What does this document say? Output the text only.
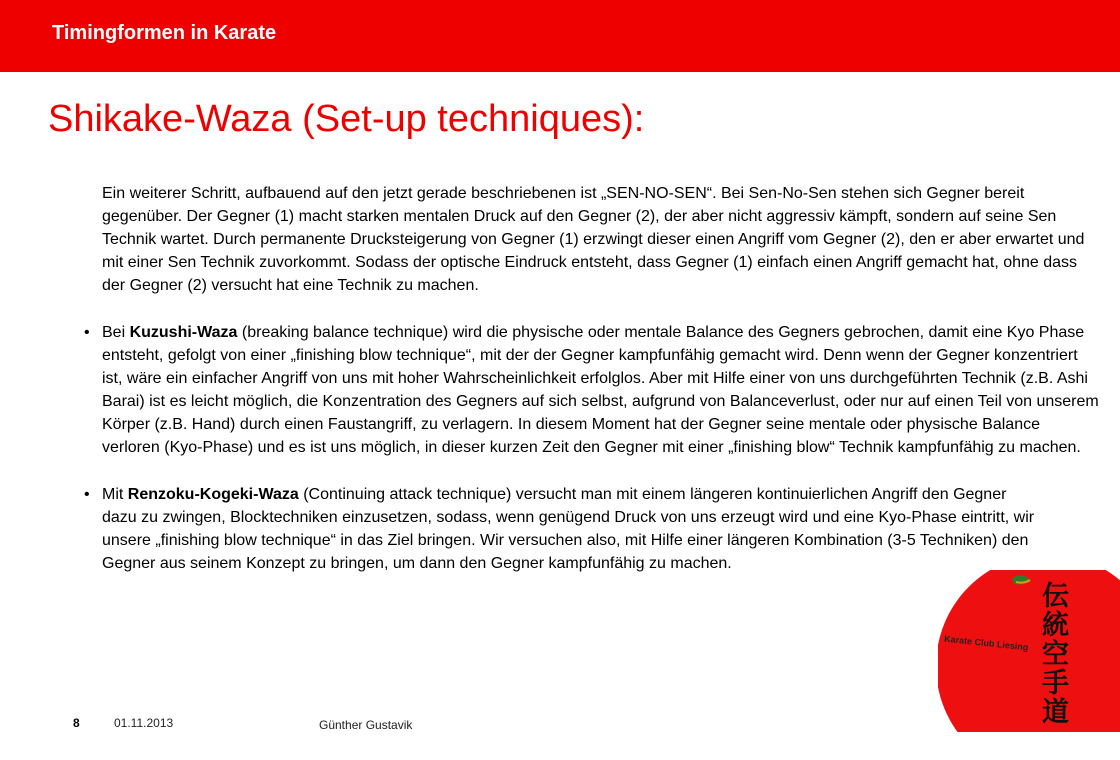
Timingformen in Karate
Shikake-Waza (Set-up techniques):

Ein weiterer Schritt, aufbauend auf den jetzt gerade beschriebenen ist „SEN-NO-SEN“. Bei Sen-No-Sen stehen sich Gegner bereit gegenüber. Der Gegner (1) macht starken mentalen Druck auf den Gegner (2), der aber nicht aggressiv kämpft, sondern auf seine Sen Technik wartet. Durch permanente Drucksteigerung von Gegner (1) erzwingt dieser einen Angriff vom Gegner (2), den er aber erwartet und mit einer Sen Technik zuvorkommt. Sodass der optische Eindruck entsteht, dass Gegner (1) einfach einen Angriff gemacht hat, ohne dass der Gegner (2) versucht hat eine Technik zu machen.

• Bei Kuzushi-Waza (breaking balance technique) wird die physische oder mentale Balance des Gegners gebrochen, damit eine Kyo Phase entsteht, gefolgt von einer „finishing blow technique“, mit der der Gegner kampfunfähig gemacht wird. Denn wenn der Gegner konzentriert ist, wäre ein einfacher Angriff von uns mit hoher Wahrscheinlichkeit erfolglos. Aber mit Hilfe einer von uns durchgeführten Technik (z.B. Ashi Barai) ist es leicht möglich, die Konzentration des Gegners auf sich selbst, aufgrund von Balanceverlust, oder nur auf einen Teil von unserem Körper (z.B. Hand) durch einen Faustangriff, zu verlagern. In diesem Moment hat der Gegner seine mentale oder physische Balance verloren (Kyo-Phase) und es ist uns möglich, in dieser kurzen Zeit den Gegner mit einer „finishing blow“ Technik kampfunfähig zu machen.

• Mit Renzoku-Kogeki-Waza (Continuing attack technique) versucht man mit einem längeren kontinuierlichen Angriff den Gegner dazu zu zwingen, Blocktechniken einzusetzen, sodass, wenn genügend Druck von uns erzeugt wird und eine Kyo-Phase eintritt, wir unsere „finishing blow technique“ in das Ziel bringen. Wir versuchen also, mit Hilfe einer längeren Kombination (3-5 Techniken) den Gegner aus seinem Konzept zu bringen, um dann den Gegner kampfunfähig zu machen.

Karate Club Liesing
伝統空手道
8	01.11.2013	Günther Gustavik
